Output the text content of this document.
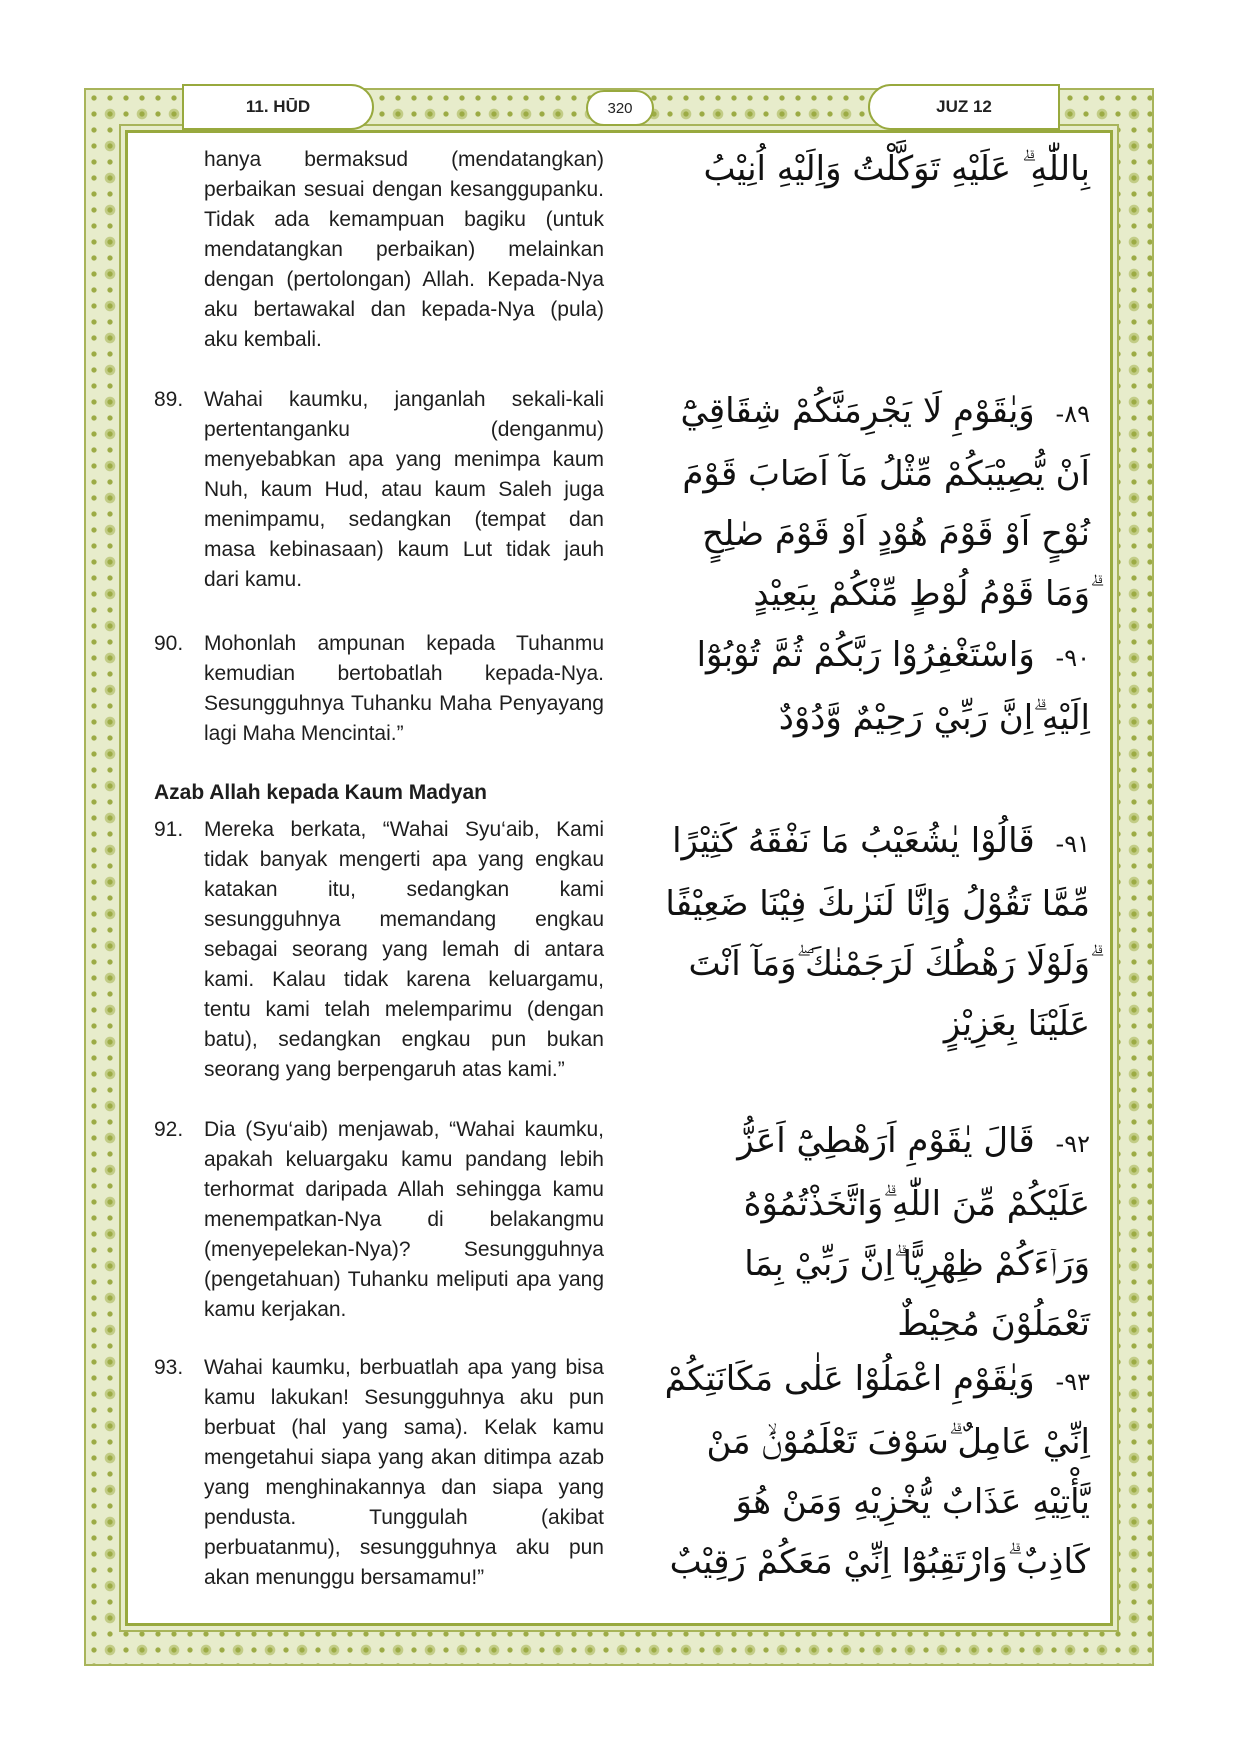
11. HŪD	320	JUZ 12
hanya bermaksud (mendatangkan) perbaikan sesuai dengan kesanggupanku. Tidak ada kemampuan bagiku (untuk mendatangkan perbaikan) melainkan dengan (pertolongan) Allah. Kepada-Nya aku bertawakal dan kepada-Nya (pula) aku kembali.
بِاللّٰهِ ۗ عَلَيْهِ تَوَكَّلْتُ وَاِلَيْهِ اُنِيْبُ
89. Wahai kaumku, janganlah sekali-kali pertentanganku (denganmu) menyebabkan apa yang menimpa kaum Nuh, kaum Hud, atau kaum Saleh juga menimpamu, sedangkan (tempat dan masa kebinasaan) kaum Lut tidak jauh dari kamu.
٨٩- وَيٰقَوْمِ لَا يَجْرِمَنَّكُمْ شِقَاقِيْٓ اَنْ يُّصِيْبَكُمْ مِّثْلُ مَآ اَصَابَ قَوْمَ نُوْحٍ اَوْ قَوْمَ هُوْدٍ اَوْ قَوْمَ صٰلِحٍ ۗوَمَا قَوْمُ لُوْطٍ مِّنْكُمْ بِبَعِيْدٍ
90. Mohonlah ampunan kepada Tuhanmu kemudian bertobatlah kepada-Nya. Sesungguhnya Tuhanku Maha Penyayang lagi Maha Mencintai.”
٩٠- وَاسْتَغْفِرُوْا رَبَّكُمْ ثُمَّ تُوْبُوْٓا اِلَيْهِ ۗاِنَّ رَبِّيْ رَحِيْمٌ وَّدُوْدٌ
Azab Allah kepada Kaum Madyan
91. Mereka berkata, “Wahai Syu‘aib, Kami tidak banyak mengerti apa yang engkau katakan itu, sedangkan kami sesungguhnya memandang engkau sebagai seorang yang lemah di antara kami. Kalau tidak karena keluargamu, tentu kami telah melemparimu (dengan batu), sedangkan engkau pun bukan seorang yang berpengaruh atas kami.”
٩١- قَالُوْا يٰشُعَيْبُ مَا نَفْقَهُ كَثِيْرًا مِّمَّا تَقُوْلُ وَاِنَّا لَنَرٰىكَ فِيْنَا ضَعِيْفًا ۗوَلَوْلَا رَهْطُكَ لَرَجَمْنٰكَ ۖوَمَآ اَنْتَ عَلَيْنَا بِعَزِيْزٍ
92. Dia (Syu‘aib) menjawab, “Wahai kaumku, apakah keluargaku kamu pandang lebih terhormat daripada Allah sehingga kamu menempatkan-Nya di belakangmu (menyepelekan-Nya)? Sesungguhnya (pengetahuan) Tuhanku meliputi apa yang kamu kerjakan.
٩٢- قَالَ يٰقَوْمِ اَرَهْطِيْٓ اَعَزُّ عَلَيْكُمْ مِّنَ اللّٰهِ ۗوَاتَّخَذْتُمُوْهُ وَرَاۤءَكُمْ ظِهْرِيًّا ۗاِنَّ رَبِّيْ بِمَا تَعْمَلُوْنَ مُحِيْطٌ
93. Wahai kaumku, berbuatlah apa yang bisa kamu lakukan! Sesungguhnya aku pun berbuat (hal yang sama). Kelak kamu mengetahui siapa yang akan ditimpa azab yang menghinakannya dan siapa yang pendusta. Tunggulah (akibat perbuatanmu), sesungguhnya aku pun akan menunggu bersamamu!”
٩٣- وَيٰقَوْمِ اعْمَلُوْا عَلٰى مَكَانَتِكُمْ اِنِّيْ عَامِلٌ ۗسَوْفَ تَعْلَمُوْنَۙ مَنْ يَّأْتِيْهِ عَذَابٌ يُّخْزِيْهِ وَمَنْ هُوَ كَاذِبٌ ۗوَارْتَقِبُوْٓا اِنِّيْ مَعَكُمْ رَقِيْبٌ
